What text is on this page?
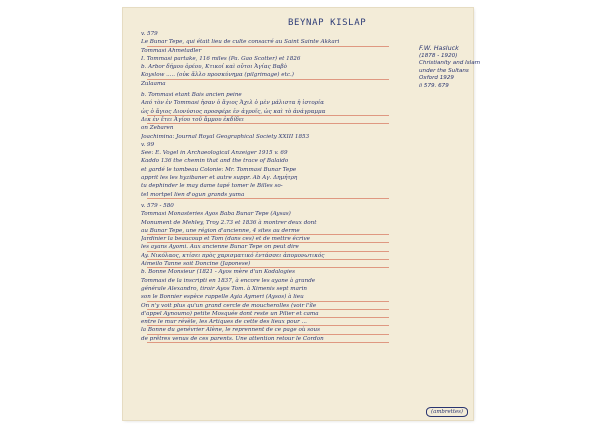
BEYNAP KISLAP
v. 579
Le Bunar Tepe, qui était lieu de culte consacré au Saint Sainte Akkari
Tommasi Ahmetadler
I. Tommasi partake, 116 miles (Pa. Gao Scotter) et 1826
b. Arbor δήμου ὁρέου, Κτικοί καὶ οὗτοι Ἀγίας Βαβὸ
Koyslow ..... (οὐκ ἄλλο προσκύνημα (pilgrimage) etc.)
Zulaama
b. Tommasi etant Bais ancien peine
Aπό τὸν ἐν Tommasi ἦσαν ὁ ἄγιος Ἀχιλ ὁ μὲν μάλιστα ἡ ἱστορία
ὡς ὁ ἅγιος Διονύσιος προσφέρε ἐν ἀγροῖς, ὡς καὶ τὸ ἀνάγραμμα
Δικ ἐν ἔτει Ἀγίου τοῦ ἄμμου ἐκδίδει
on Zebaren
Joachimina: Journal Royal Geographical Society XXIII 1853
v. 99
See: E. Vogel in Archaeological Anzeiger 1915 v. 69
Kaddo 136 the chemin that and the trace of Balaido
et gardé le tombeau Colonie: Mr. Tommasi Bunar Tepe
apprit les les hyzibaner et autre suppr. Ab Aγ. Δημήτρη
tu dephinder le may dame tapé tomer le Billes so-
tel mortpel lien d'ogun grands yuma
v. 579 - 580
Tommasi Monasteries Ayos Baba Bunar Tepe (Aysas)
Monument de Mehley, Troy 2.73 et 1836 à montrer deux dont
au Bunar Tepe, une région d'ancienne, 4 sites au derme
Jardinier la beaucoup et Tom (dans ces) et de mettre écrive
les ayans Ayomi. Aux ancienne Bunar Tepe on peut dire
Ay. Νικόλαος, κτίσει πρὸς χαρισματικό ἐντάσσει ἀπομονωτικός
Aimeilo Tanne soit Doncine (Japonese)
b. Bonne Monsieur (1821 - Ayos mère d'un Kodalogies
Tommasi de la inscripti en 1837, à encore les ayane à grande
générale Alexandro, tiroir Ayos Tom. à Ximenis sept marin
son le Bonnier espèce rappelle Ayia Aymeri (Aysos) à lieu
On n'y voit plus qu'un grand cercle de moucherolles (voir l'île
d'appel Aynoumo) petite Mosquée dont reste un Pilier et cama
entre le mur révèle, les Artiques de cette des lieux pour ...
la Bonne du genévrier Alène, le reprennent de ce page où sous
de prêtres venus de ces parents. Une attention retour le Cordon
F.W. Hasluck
(1878 - 1920)
Christianity and Islam
under the Sultans
Oxford 1929
ii 579. 679
(ambrettes)
